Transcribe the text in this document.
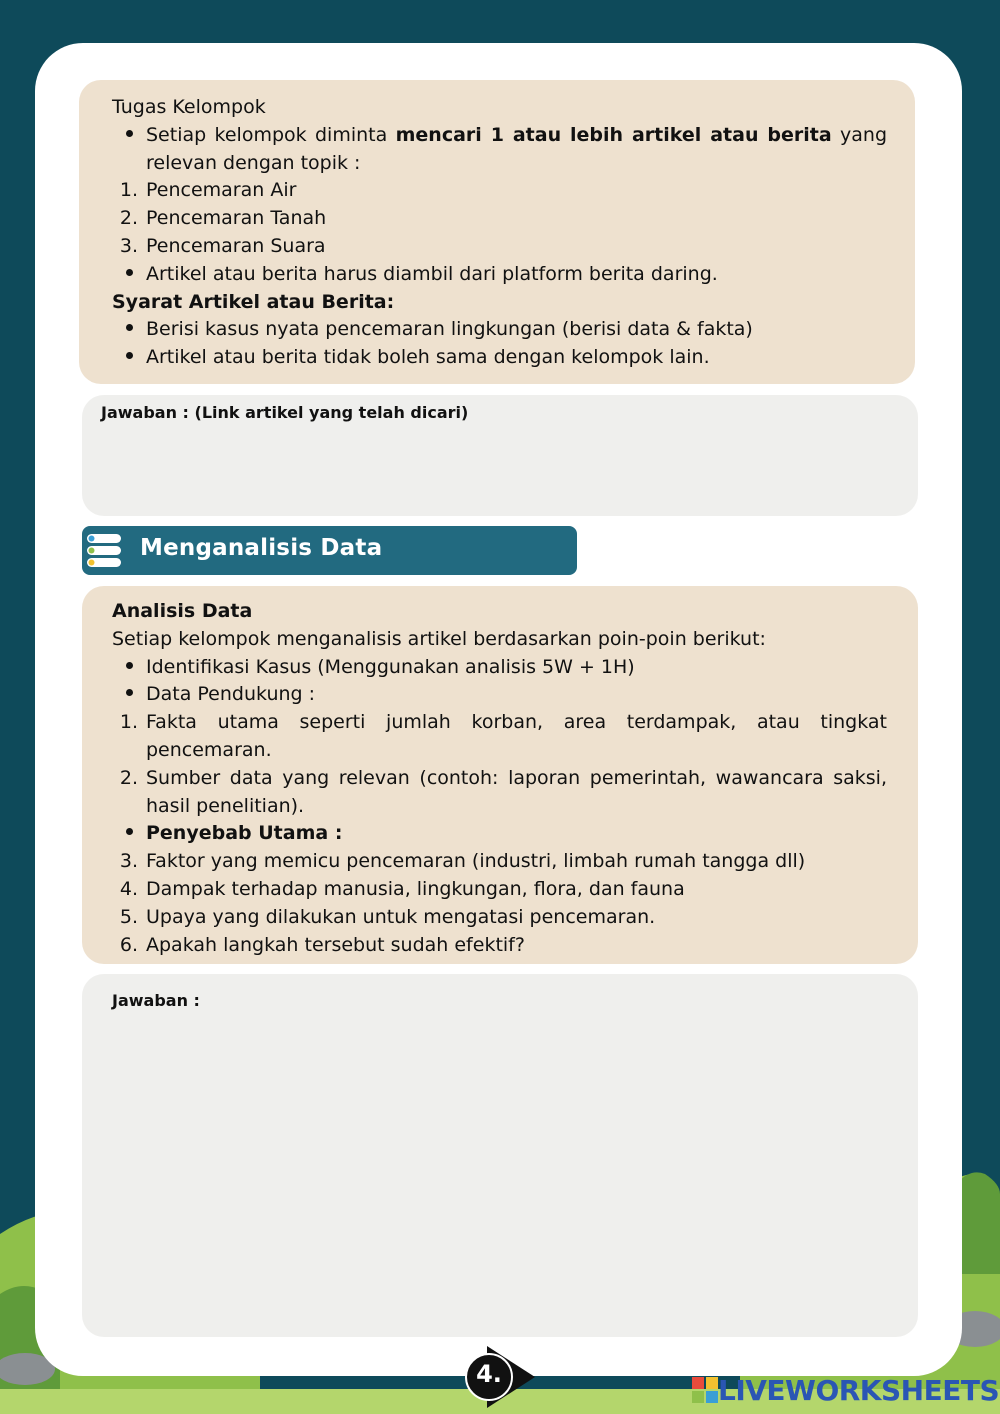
Tugas Kelompok
Setiap kelompok diminta mencari 1 atau lebih artikel atau berita yang relevan dengan topik :
1. Pencemaran Air
2. Pencemaran Tanah
3. Pencemaran Suara
Artikel atau berita harus diambil dari platform berita daring.
Syarat Artikel atau Berita:
Berisi kasus nyata pencemaran lingkungan (berisi data & fakta)
Artikel atau berita tidak boleh sama dengan kelompok lain.
Jawaban : (Link artikel yang telah dicari)
Menganalisis Data
Analisis Data
Setiap kelompok menganalisis artikel berdasarkan poin-poin berikut:
Identifikasi Kasus (Menggunakan analisis 5W + 1H)
Data Pendukung :
1. Fakta utama seperti jumlah korban, area terdampak, atau tingkat pencemaran.
2. Sumber data yang relevan (contoh: laporan pemerintah, wawancara saksi, hasil penelitian).
Penyebab Utama :
3. Faktor yang memicu pencemaran (industri, limbah rumah tangga dll)
4. Dampak terhadap manusia, lingkungan, flora, dan fauna
5. Upaya yang dilakukan untuk mengatasi pencemaran.
6. Apakah langkah tersebut sudah efektif?
Jawaban :
4.	LIVEWORKSHEETS
